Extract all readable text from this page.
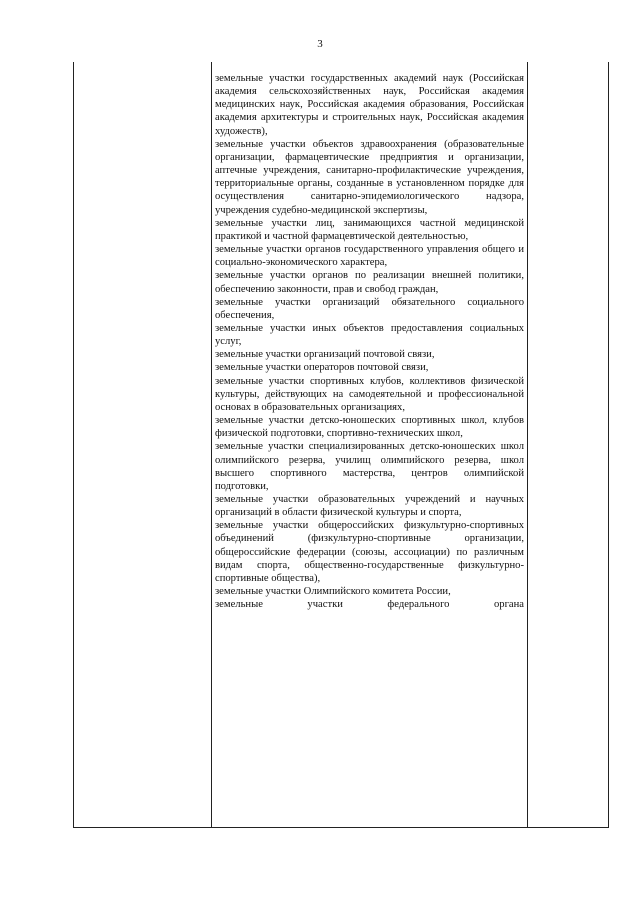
3

земельные участки государственных академий наук (Российская академия сельскохозяйственных наук, Российская академия медицинских наук, Российская академия образования, Российская академия архитектуры и строительных наук, Российская академия художеств),

земельные участки объектов здравоохранения (образовательные организации, фармацевтические предприятия и организации, аптечные учреждения, санитарно-профилактические учреждения, территориальные органы, созданные в установленном порядке для осуществления санитарно-эпидемиологического надзора, учреждения судебно-медицинской экспертизы,

земельные участки лиц, занимающихся частной медицинской практикой и частной фармацевтической деятельностью,

земельные участки органов государственного управления общего и социально-экономического характера,

земельные участки органов по реализации внешней политики, обеспечению законности, прав и свобод граждан,

земельные участки организаций обязательного социального обеспечения,

земельные участки иных объектов предоставления социальных услуг,

земельные участки организаций почтовой связи,

земельные участки операторов почтовой связи,

земельные участки спортивных клубов, коллективов физической культуры, действующих на самодеятельной и профессиональной основах в образовательных организациях,

земельные участки детско-юношеских спортивных школ, клубов физической подготовки, спортивно-технических школ,

земельные участки специализированных детско-юношеских школ олимпийского резерва, училищ олимпийского резерва, школ высшего спортивного мастерства, центров олимпийской подготовки,

земельные участки образовательных учреждений и научных организаций в области физической культуры и спорта,

земельные участки общероссийских физкультурно-спортивных объединений (физкультурно-спортивные организации, общероссийские федерации (союзы, ассоциации) по различным видам спорта, общественно-государственные физкультурно-спортивные общества),

земельные участки Олимпийского комитета России,

земельные участки федерального органа
